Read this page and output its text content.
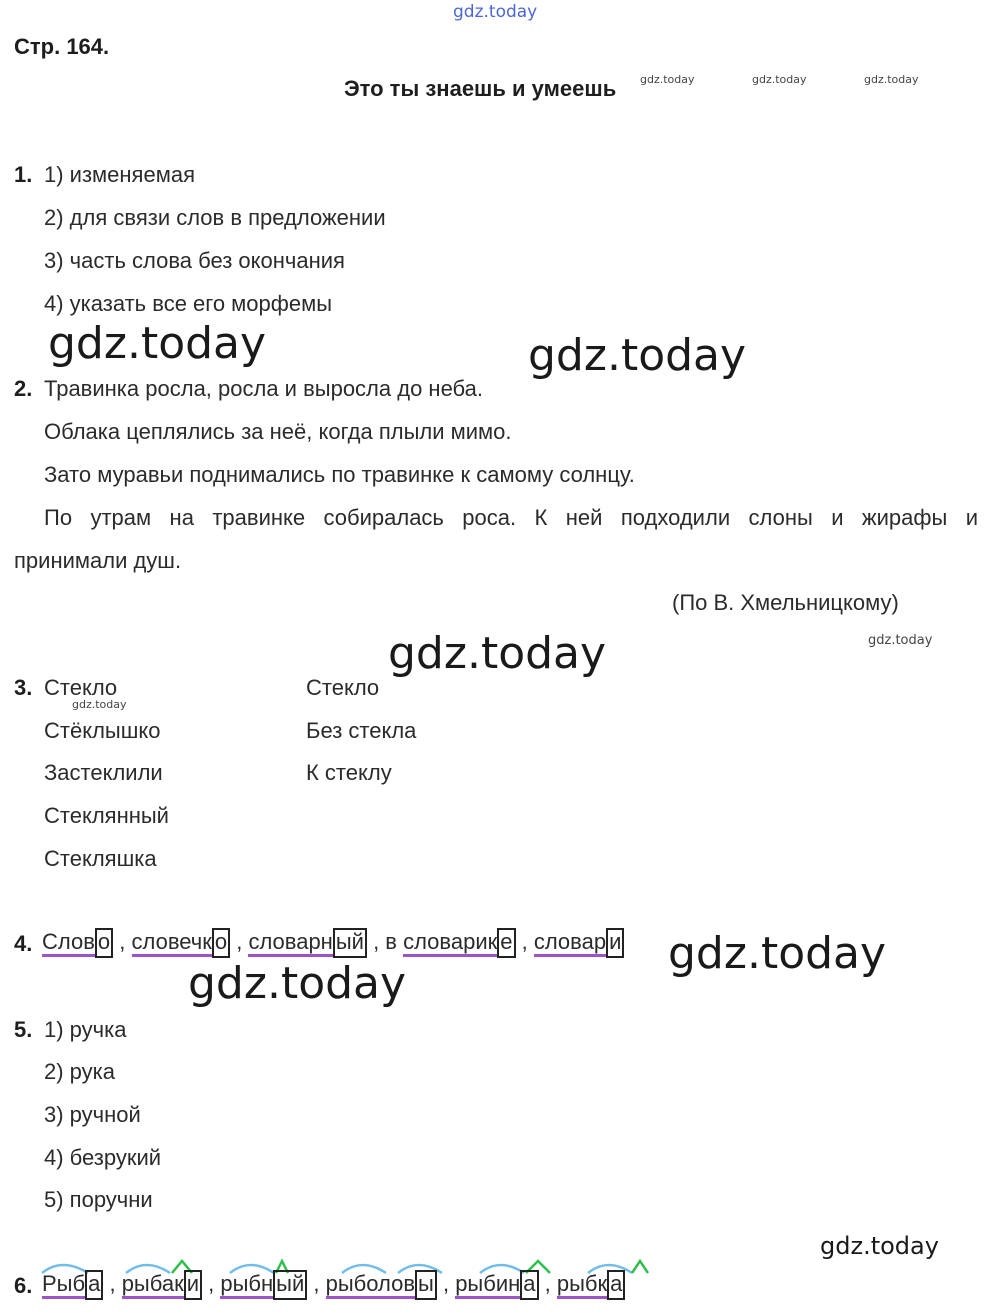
gdz.today
gdz.today	gdz.today	gdz.today
gdz.today	gdz.today
gdz.today
gdz.today
gdz.today
gdz.today
gdz.today
gdz.today
Стр. 164.
Это ты знаешь и умеешь
1. 1) изменяемая
2) для связи слов в предложении
3) часть слова без окончания
4) указать все его морфемы
2. Травинка росла, росла и выросла до неба.
Облака цеплялись за неё, когда плыли мимо.
Зато муравьи поднимались по травинке к самому солнцу.
По утрам на травинке собиралась роса. К ней подходили слоны и жирафы и
принимали душ.
(По В. Хмельницкому)
3. Стекло
Стёклышко
Застеклили
Стеклянный
Стекляшка
Стекло
Без стекла
К стеклу
4. Слов о , словечк о , словарн ый , в словарик е , словар и
5. 1) ручка
2) рука
3) ручной
4) безрукий
5) поручни
6. Рыб а , рыбак и , рыбн ый , рыболов ы , рыбин а , рыбк а
